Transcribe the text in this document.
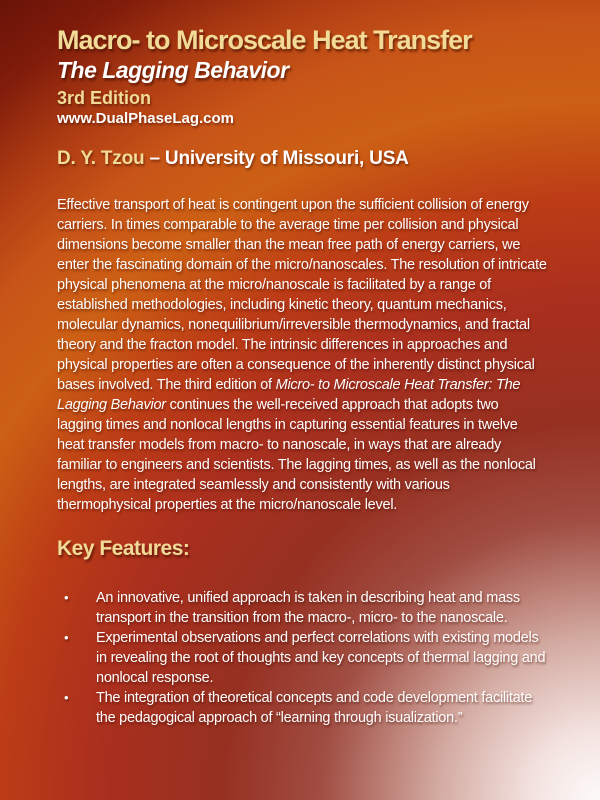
Macro- to Microscale Heat Transfer
The Lagging Behavior
3rd Edition
www.DualPhaseLag.com
D. Y. Tzou – University of Missouri, USA

Effective transport of heat is contingent upon the sufficient collision of energy carriers. In times comparable to the average time per collision and physical dimensions become smaller than the mean free path of energy carriers, we enter the fascinating domain of the micro/nanoscales. The resolution of intricate physical phenomena at the micro/nanoscale is facilitated by a range of established methodologies, including kinetic theory, quantum mechanics, molecular dynamics, nonequilibrium/irreversible thermodynamics, and fractal theory and the fracton model. The intrinsic differences in approaches and physical properties are often a consequence of the inherently distinct physical bases involved. The third edition of Micro- to Microscale Heat Transfer: The Lagging Behavior continues the well-received approach that adopts two lagging times and nonlocal lengths in capturing essential features in twelve heat transfer models from macro- to nanoscale, in ways that are already familiar to engineers and scientists. The lagging times, as well as the nonlocal lengths, are integrated seamlessly and consistently with various thermophysical properties at the micro/nanoscale level.

Key Features:
•	An innovative, unified approach is taken in describing heat and mass transport in the transition from the macro-, micro- to the nanoscale.
•	Experimental observations and perfect correlations with existing models in revealing the root of thoughts and key concepts of thermal lagging and nonlocal response.
•	The integration of theoretical concepts and code development facilitate the pedagogical approach of “learning through isualization.”
